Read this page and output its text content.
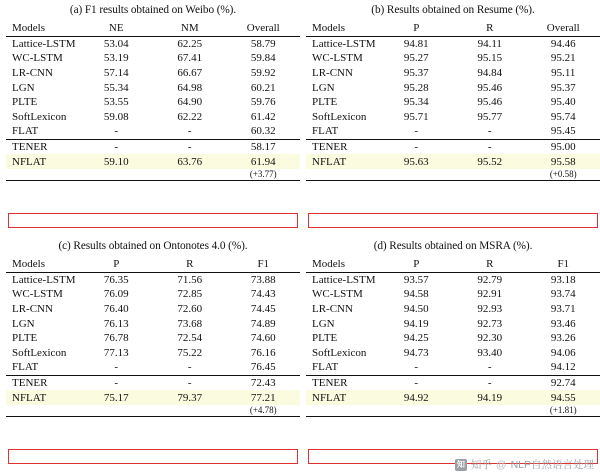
(a) F1 results obtained on Weibo (%).
Models	NE	NM	Overall
Lattice-LSTM	53.04	62.25	58.79
WC-LSTM	53.19	67.41	59.84
LR-CNN	57.14	66.67	59.92
LGN	55.34	64.98	60.21
PLTE	53.55	64.90	59.76
SoftLexicon	59.08	62.22	61.42
FLAT	-	-	60.32
TENER	-	-	58.17
NFLAT	59.10	63.76	61.94
			(+3.77)
(b) Results obtained on Resume (%).
Models	P	R	Overall
Lattice-LSTM	94.81	94.11	94.46
WC-LSTM	95.27	95.15	95.21
LR-CNN	95.37	94.84	95.11
LGN	95.28	95.46	95.37
PLTE	95.34	95.46	95.40
SoftLexicon	95.71	95.77	95.74
FLAT	-	-	95.45
TENER	-	-	95.00
NFLAT	95.63	95.52	95.58
			(+0.58)
(c) Results obtained on Ontonotes 4.0 (%).
Models	P	R	F1
Lattice-LSTM	76.35	71.56	73.88
WC-LSTM	76.09	72.85	74.43
LR-CNN	76.40	72.60	74.45
LGN	76.13	73.68	74.89
PLTE	76.78	72.54	74.60
SoftLexicon	77.13	75.22	76.16
FLAT	-	-	76.45
TENER	-	-	72.43
NFLAT	75.17	79.37	77.21
			(+4.78)
(d) Results obtained on MSRA (%).
Models	P	R	F1
Lattice-LSTM	93.57	92.79	93.18
WC-LSTM	94.58	92.91	93.74
LR-CNN	94.50	92.93	93.71
LGN	94.19	92.73	93.46
PLTE	94.25	92.30	93.26
SoftLexicon	94.73	93.40	94.06
FLAT	-	-	94.12
TENER	-	-	92.74
NFLAT	94.92	94.19	94.55
			(+1.81)
知 知乎 @ NLP自然语言处理
